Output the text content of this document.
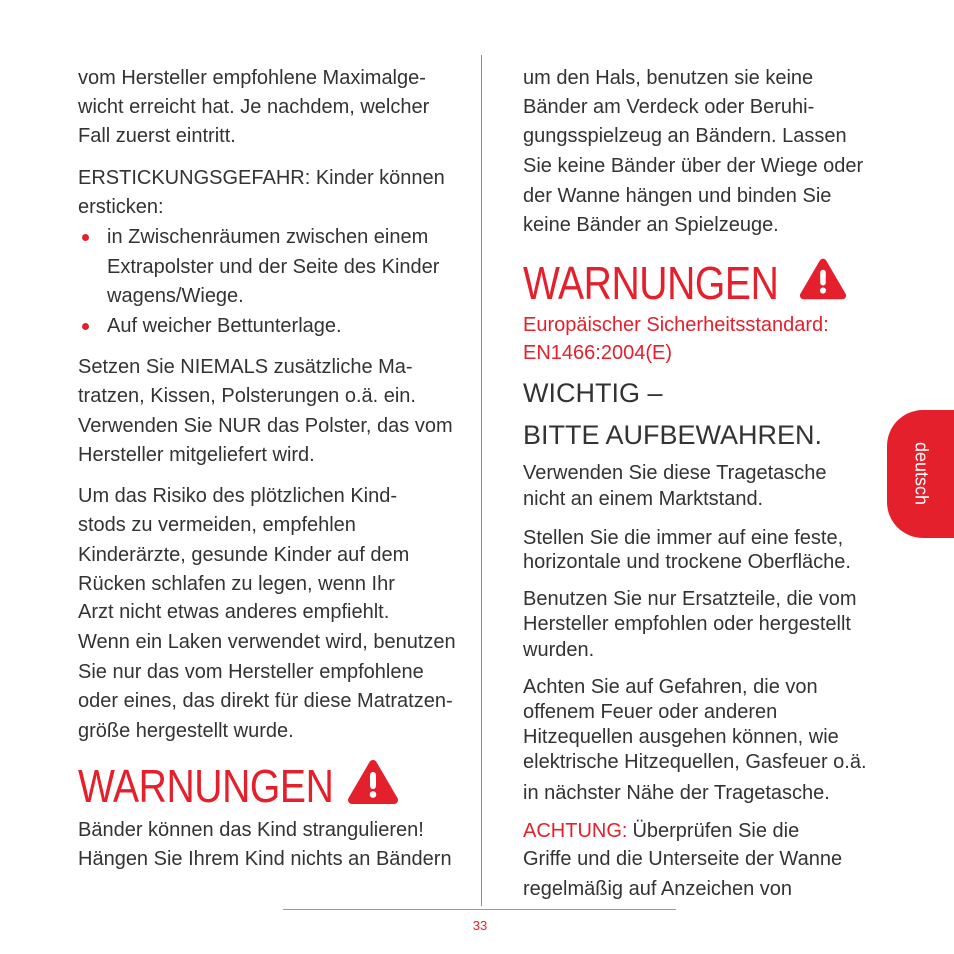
vom Hersteller empfohlene Maximalge-
wicht erreicht hat. Je nachdem, welcher
Fall zuerst eintritt.
ERSTICKUNGSGEFAHR: Kinder können
ersticken:
in Zwischenräumen zwischen einem
Extrapolster und der Seite des Kinder
wagens/Wiege.
Auf weicher Bettunterlage.
Setzen Sie NIEMALS zusätzliche Ma-
tratzen, Kissen, Polsterungen o.ä. ein.
Verwenden Sie NUR das Polster, das vom
Hersteller mitgeliefert wird.
Um das Risiko des plötzlichen Kind-
stods zu vermeiden, empfehlen
Kinderärzte, gesunde Kinder auf dem
Rücken schlafen zu legen, wenn Ihr
Arzt nicht etwas anderes empfiehlt.
Wenn ein Laken verwendet wird, benutzen
Sie nur das vom Hersteller empfohlene
oder eines, das direkt für diese Matratzen-
größe hergestellt wurde.
WARNUNGEN
Bänder können das Kind strangulieren!
Hängen Sie Ihrem Kind nichts an Bändern
um den Hals, benutzen sie keine
Bänder am Verdeck oder Beruhi-
gungsspielzeug an Bändern. Lassen
Sie keine Bänder über der Wiege oder
der Wanne hängen und binden Sie
keine Bänder an Spielzeuge.
WARNUNGEN
Europäischer Sicherheitsstandard:
EN1466:2004(E)
WICHTIG –
BITTE AUFBEWAHREN.
Verwenden Sie diese Tragetasche
nicht an einem Marktstand.
Stellen Sie die immer auf eine feste,
horizontale und trockene Oberfläche.
Benutzen Sie nur Ersatzteile, die vom
Hersteller empfohlen oder hergestellt
wurden.
Achten Sie auf Gefahren, die von
offenem Feuer oder anderen
Hitzequellen ausgehen können, wie
elektrische Hitzequellen, Gasfeuer o.ä.
in nächster Nähe der Tragetasche.
ACHTUNG: Überprüfen Sie die
Griffe und die Unterseite der Wanne
regelmäßig auf Anzeichen von
deutsch
33
